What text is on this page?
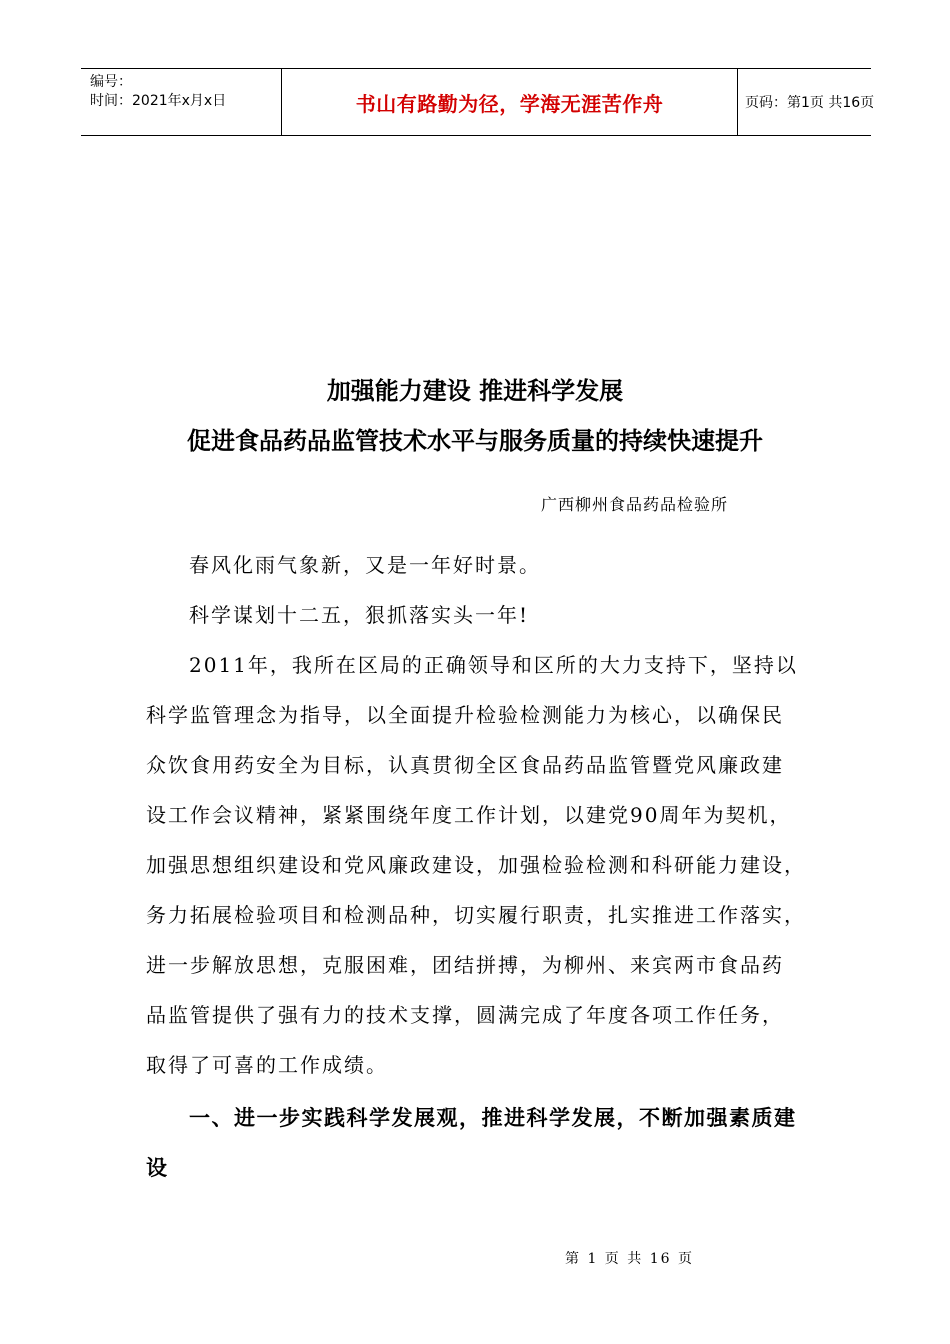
编号：
时间：2021年x月x日	书山有路勤为径，学海无涯苦作舟	页码：第1页 共16页
加强能力建设 推进科学发展
促进食品药品监管技术水平与服务质量的持续快速提升
广西柳州食品药品检验所
春风化雨气象新，又是一年好时景。
科学谋划十二五，狠抓落实头一年!
2011年，我所在区局的正确领导和区所的大力支持下，坚持以
科学监管理念为指导，以全面提升检验检测能力为核心，以确保民
众饮食用药安全为目标，认真贯彻全区食品药品监管暨党风廉政建
设工作会议精神，紧紧围绕年度工作计划，以建党90周年为契机，
加强思想组织建设和党风廉政建设，加强检验检测和科研能力建设，
务力拓展检验项目和检测品种，切实履行职责，扎实推进工作落实，
进一步解放思想，克服困难，团结拼搏，为柳州、来宾两市食品药
品监管提供了强有力的技术支撑，圆满完成了年度各项工作任务，
取得了可喜的工作成绩。
一、进一步实践科学发展观，推进科学发展，不断加强素质建
设
第 1 页 共 16 页
